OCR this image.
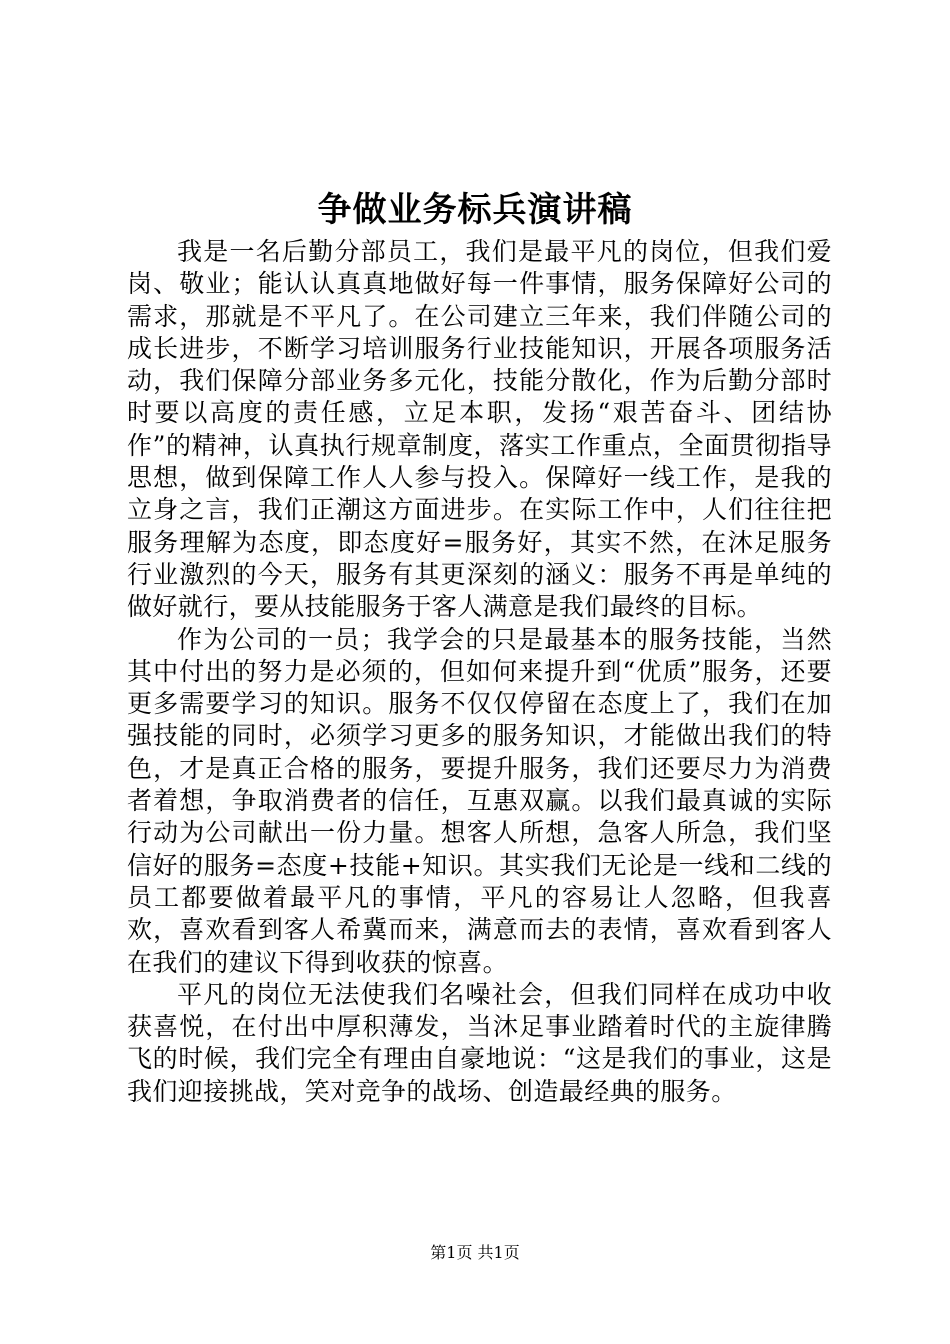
争做业务标兵演讲稿

我是一名后勤分部员工，我们是最平凡的岗位，但我们爱岗、敬业；能认认真真地做好每一件事情，服务保障好公司的需求，那就是不平凡了。在公司建立三年来，我们伴随公司的成长进步，不断学习培训服务行业技能知识，开展各项服务活动，我们保障分部业务多元化，技能分散化，作为后勤分部时时要以高度的责任感，立足本职，发扬“艰苦奋斗、团结协作”的精神，认真执行规章制度，落实工作重点，全面贯彻指导思想，做到保障工作人人参与投入。保障好一线工作，是我的立身之言，我们正潮这方面进步。在实际工作中，人们往往把服务理解为态度，即态度好=服务好，其实不然，在沐足服务行业激烈的今天，服务有其更深刻的涵义：服务不再是单纯的做好就行，要从技能服务于客人满意是我们最终的目标。

作为公司的一员；我学会的只是最基本的服务技能，当然其中付出的努力是必须的，但如何来提升到“优质”服务，还要更多需要学习的知识。服务不仅仅停留在态度上了，我们在加强技能的同时，必须学习更多的服务知识，才能做出我们的特色，才是真正合格的服务，要提升服务，我们还要尽力为消费者着想，争取消费者的信任，互惠双赢。以我们最真诚的实际行动为公司献出一份力量。想客人所想，急客人所急，我们坚信好的服务=态度+技能+知识。其实我们无论是一线和二线的员工都要做着最平凡的事情，平凡的容易让人忽略，但我喜欢，喜欢看到客人希冀而来，满意而去的表情，喜欢看到客人在我们的建议下得到收获的惊喜。

平凡的岗位无法使我们名噪社会，但我们同样在成功中收获喜悦，在付出中厚积薄发，当沐足事业踏着时代的主旋律腾飞的时候，我们完全有理由自豪地说：“这是我们的事业，这是我们迎接挑战，笑对竞争的战场、创造最经典的服务。

第1页 共1页
